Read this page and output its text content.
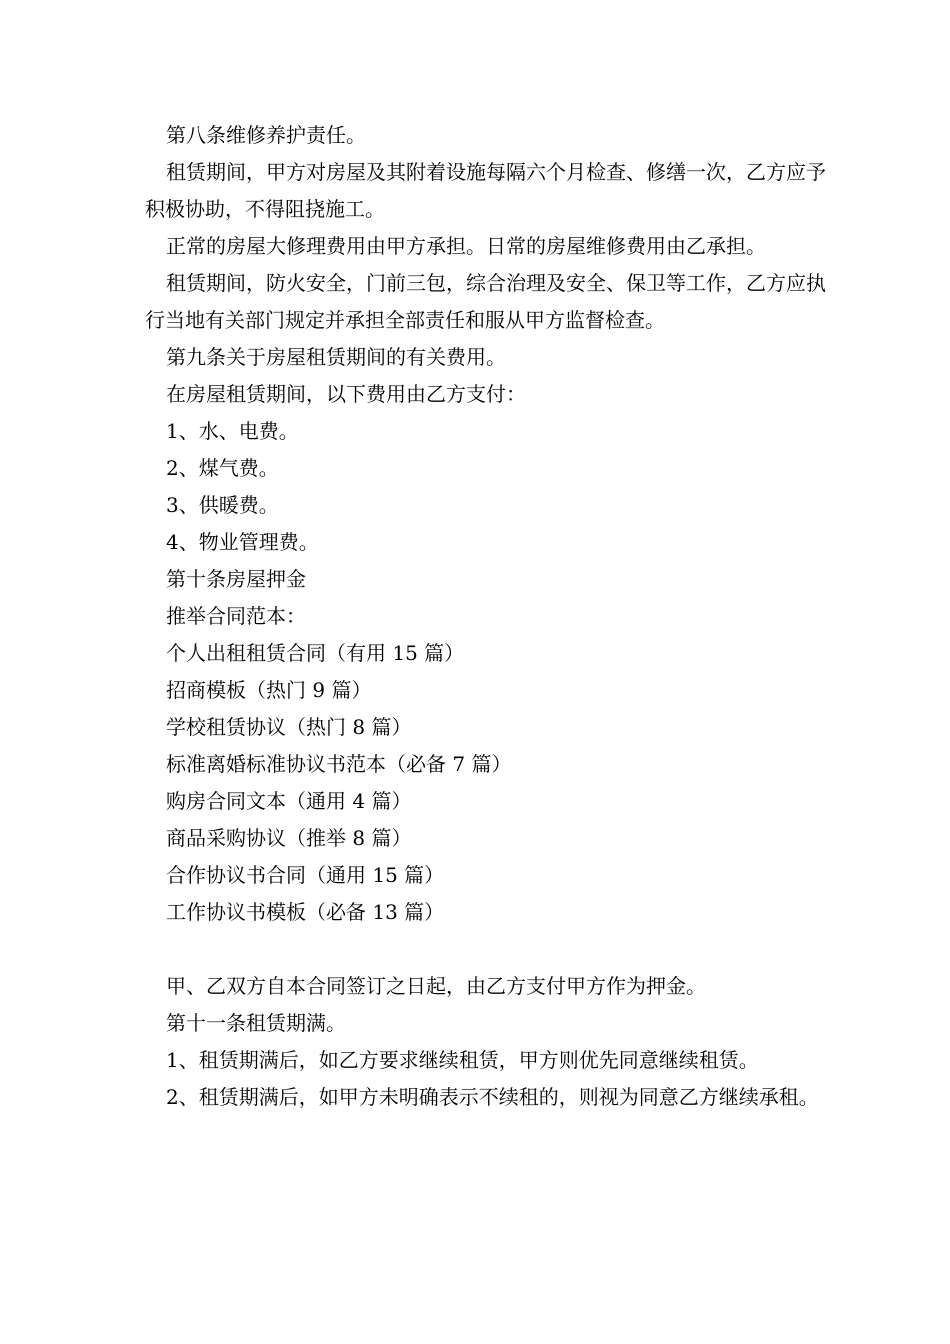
第八条维修养护责任。

租赁期间，甲方对房屋及其附着设施每隔六个月检查、修缮一次，乙方应予积极协助，不得阻挠施工。

正常的房屋大修理费用由甲方承担。日常的房屋维修费用由乙承担。

租赁期间，防火安全，门前三包，综合治理及安全、保卫等工作，乙方应执行当地有关部门规定并承担全部责任和服从甲方监督检查。

第九条关于房屋租赁期间的有关费用。

在房屋租赁期间，以下费用由乙方支付：

1、水、电费。

2、煤气费。

3、供暖费。

4、物业管理费。

第十条房屋押金

推举合同范本：

个人出租租赁合同（有用 15 篇）

招商模板（热门 9 篇）

学校租赁协议（热门 8 篇）

标准离婚标准协议书范本（必备 7 篇）

购房合同文本（通用 4 篇）

商品采购协议（推举 8 篇）

合作协议书合同（通用 15 篇）

工作协议书模板（必备 13 篇）

甲、乙双方自本合同签订之日起，由乙方支付甲方作为押金。

第十一条租赁期满。

1、租赁期满后，如乙方要求继续租赁，甲方则优先同意继续租赁。

2、租赁期满后，如甲方未明确表示不续租的，则视为同意乙方继续承租。
